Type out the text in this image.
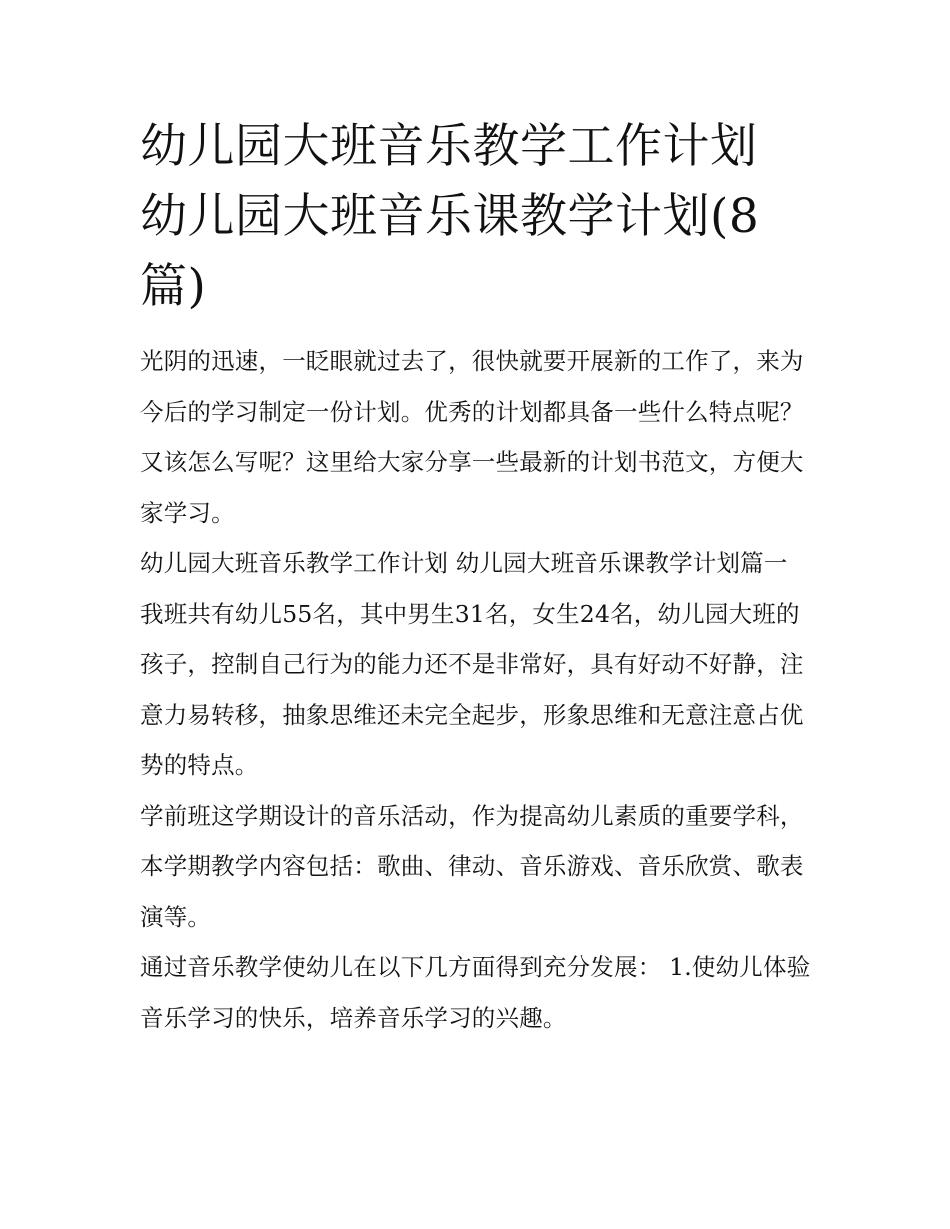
幼儿园大班音乐教学工作计划 幼儿园大班音乐课教学计划(8篇)

光阴的迅速，一眨眼就过去了，很快就要开展新的工作了，来为今后的学习制定一份计划。优秀的计划都具备一些什么特点呢？又该怎么写呢？这里给大家分享一些最新的计划书范文，方便大家学习。

幼儿园大班音乐教学工作计划 幼儿园大班音乐课教学计划篇一

我班共有幼儿55名，其中男生31名，女生24名，幼儿园大班的孩子，控制自己行为的能力还不是非常好，具有好动不好静，注意力易转移，抽象思维还未完全起步，形象思维和无意注意占优势的特点。

学前班这学期设计的音乐活动，作为提高幼儿素质的重要学科，本学期教学内容包括：歌曲、律动、音乐游戏、音乐欣赏、歌表演等。

通过音乐教学使幼儿在以下几方面得到充分发展： 1.使幼儿体验音乐学习的快乐，培养音乐学习的兴趣。
